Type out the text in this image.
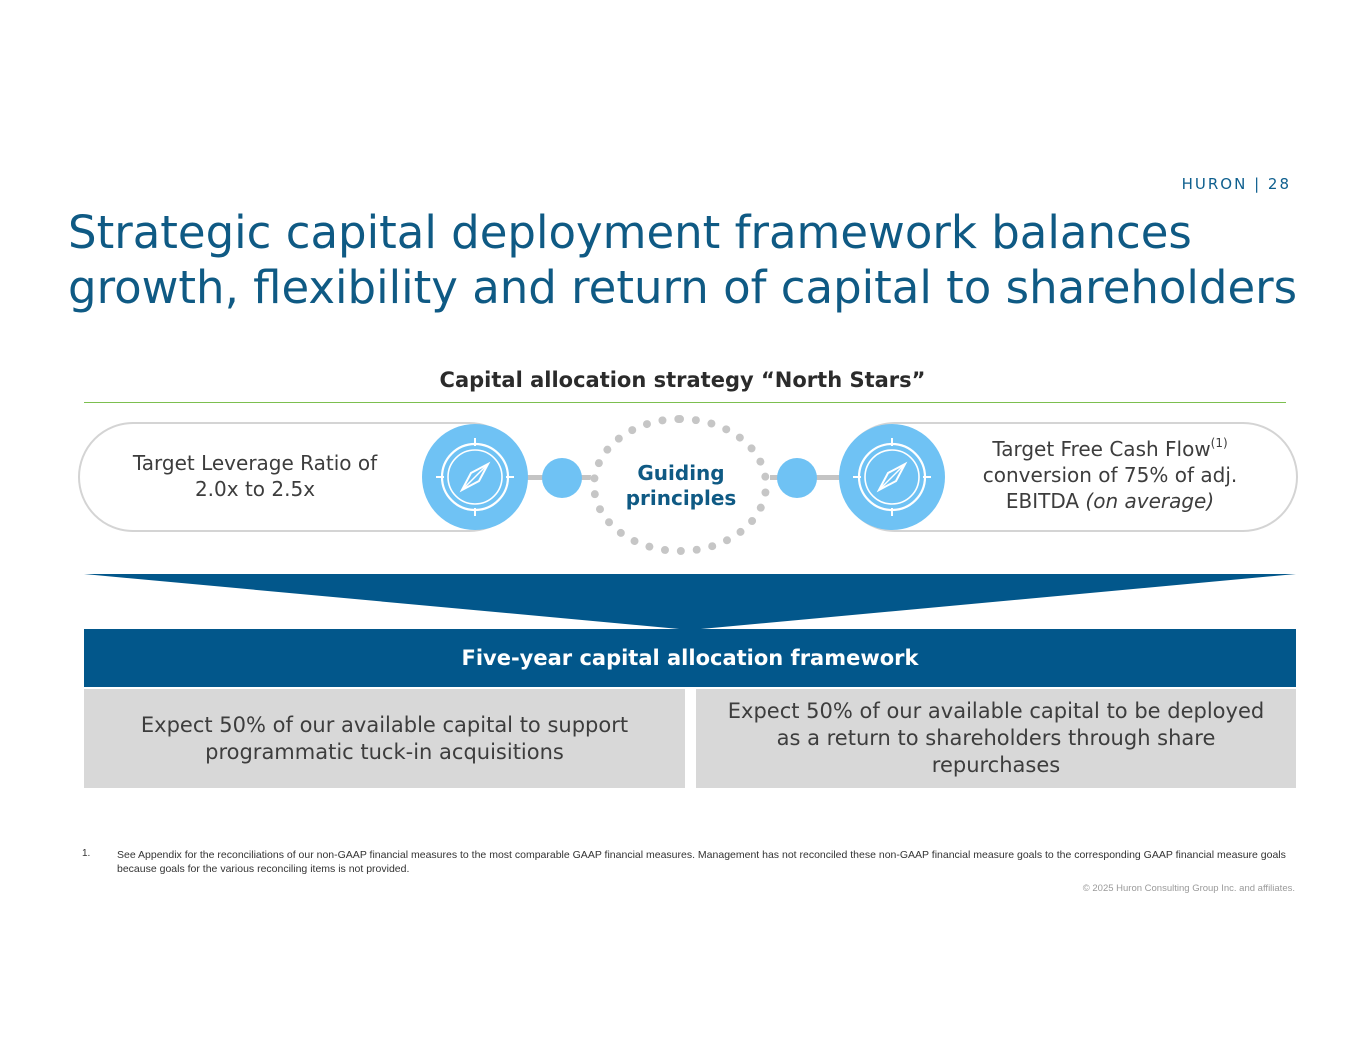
HURON | 28
Strategic capital deployment framework balances growth, flexibility and return of capital to shareholders
Capital allocation strategy “North Stars”
Target Leverage Ratio of 2.0x to 2.5x
Target Free Cash Flow$^{(1)}$ conversion of 75% of adj. EBITDA (on average)
Guiding principles
Five-year capital allocation framework
Expect 50% of our available capital to support programmatic tuck-in acquisitions
Expect 50% of our available capital to be deployed as a return to shareholders through share repurchases
1.	See Appendix for the reconciliations of our non-GAAP financial measures to the most comparable GAAP financial measures. Management has not reconciled these non-GAAP financial measure goals to the corresponding GAAP financial measure goals because goals for the various reconciling items is not provided.
© 2025 Huron Consulting Group Inc. and affiliates.
